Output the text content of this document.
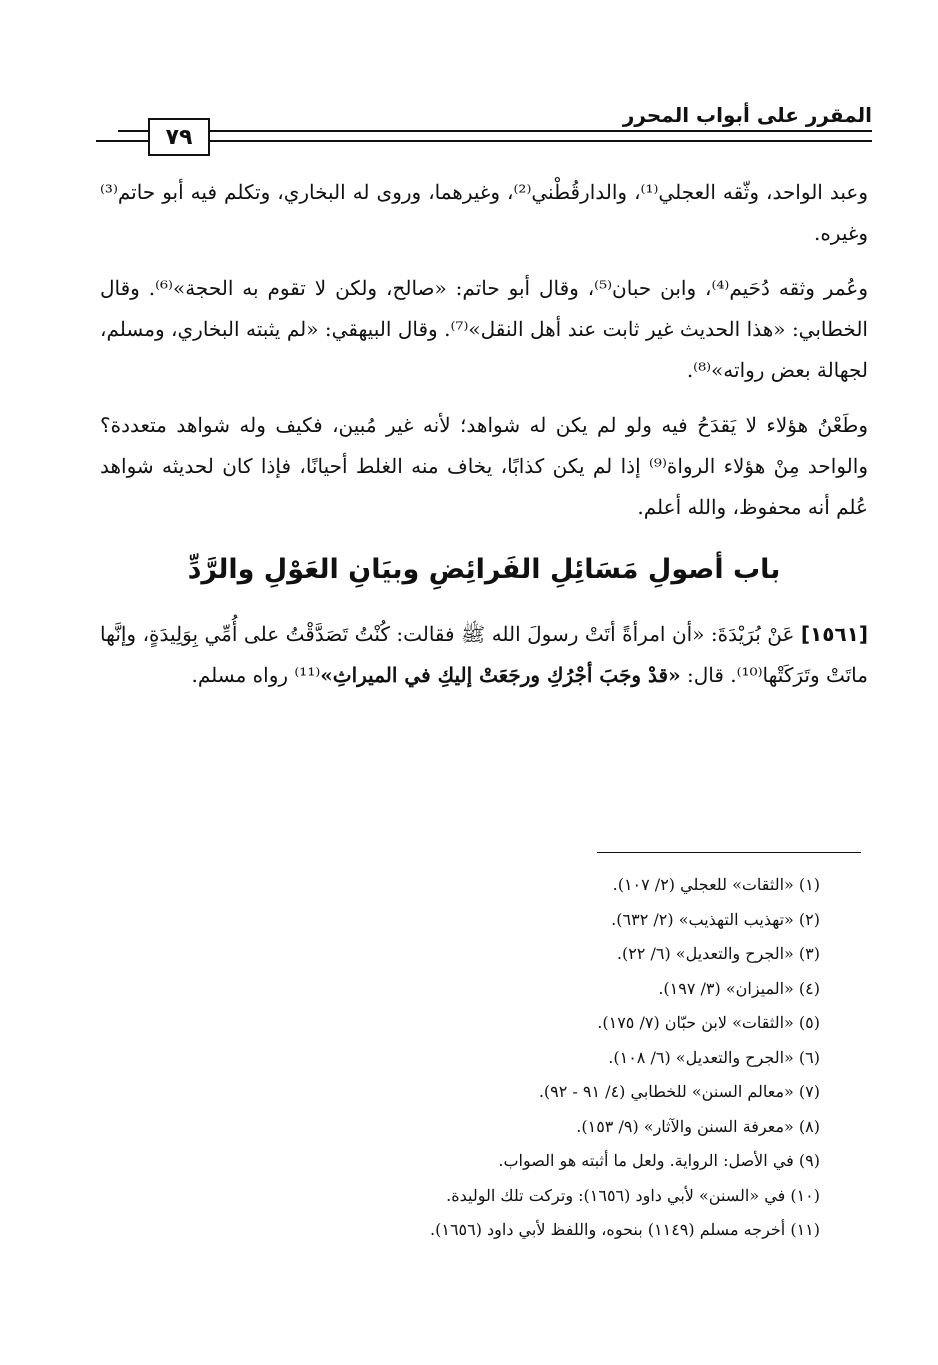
٧٩
المقرر على أبواب المحرر
وعبد الواحد، وثّقه العجلي⁽¹⁾، والدارقُطْني⁽²⁾، وغيرهما، وروى له البخاري، وتكلم فيه أبو حاتم⁽³⁾ وغيره.
وعُمر وثقه دُحَيم⁽⁴⁾، وابن حبان⁽⁵⁾، وقال أبو حاتم: «صالح، ولكن لا تقوم به الحجة»⁽⁶⁾. وقال الخطابي: «هذا الحديث غير ثابت عند أهل النقل»⁽⁷⁾. وقال البيهقي: «لم يثبته البخاري، ومسلم، لجهالة بعض رواته»⁽⁸⁾.
وطَعْنُ هؤلاء لا يَقدَحُ فيه ولو لم يكن له شواهد؛ لأنه غير مُبين، فكيف وله شواهد متعددة؟ والواحد مِنْ هؤلاء الرواة⁽⁹⁾ إذا لم يكن كذابًا، يخاف منه الغلط أحيانًا، فإذا كان لحديثه شواهد عُلم أنه محفوظ، والله أعلم.
باب أصولِ مَسَائِلِ الفَرائِضِ وبيَانِ العَوْلِ والرَّدِّ
[١٥٦١] عَنْ بُرَيْدَةَ: «أن امرأةً أتَتْ رسولَ الله ﷺ فقالت: كُنْتُ تَصَدَّقْتُ على أُمِّي بِوَلِيدَةٍ، وإنَّها ماتَتْ وتَرَكَتْها⁽¹⁰⁾. قال: «قدْ وجَبَ أجْرُكِ ورجَعَتْ إليكِ في الميراثِ»⁽¹¹⁾ رواه مسلم.
(١) «الثقات» للعجلي (٢/ ١٠٧).
(٢) «تهذيب التهذيب» (٢/ ٦٣٢).
(٣) «الجرح والتعديل» (٦/ ٢٢).
(٤) «الميزان» (٣/ ١٩٧).
(٥) «الثقات» لابن حبّان (٧/ ١٧٥).
(٦) «الجرح والتعديل» (٦/ ١٠٨).
(٧) «معالم السنن» للخطابي (٤/ ٩١ - ٩٢).
(٨) «معرفة السنن والآثار» (٩/ ١٥٣).
(٩) في الأصل: الرواية. ولعل ما أثبته هو الصواب.
(١٠) في «السنن» لأبي داود (١٦٥٦): وتركت تلك الوليدة.
(١١) أخرجه مسلم (١١٤٩) بنحوه، واللفظ لأبي داود (١٦٥٦).
